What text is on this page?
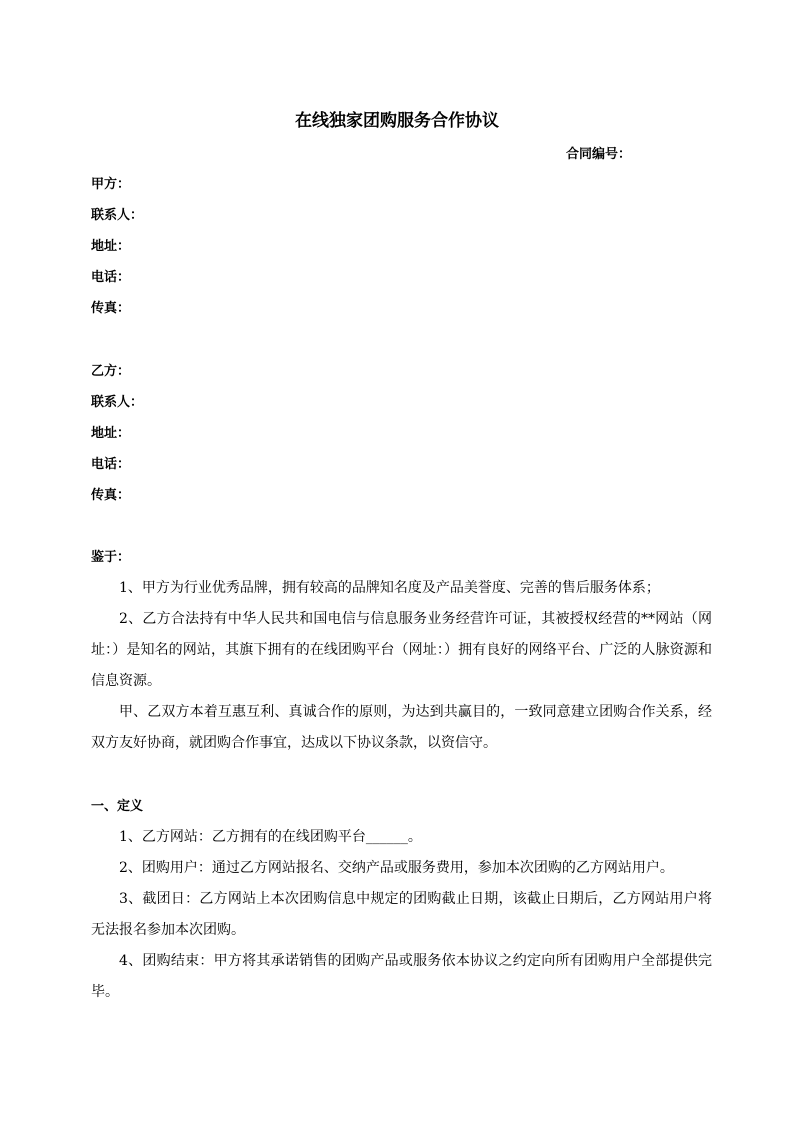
在线独家团购服务合作协议
合同编号：
甲方：
联系人：
地址：
电话：
传真：
乙方：
联系人：
地址：
电话：
传真：
鉴于：
1、甲方为行业优秀品牌，拥有较高的品牌知名度及产品美誉度、完善的售后服务体系；
2、乙方合法持有中华人民共和国电信与信息服务业务经营许可证，其被授权经营的**网站（网址：）是知名的网站，其旗下拥有的在线团购平台（网址：）拥有良好的网络平台、广泛的人脉资源和信息资源。
甲、乙双方本着互惠互利、真诚合作的原则，为达到共赢目的，一致同意建立团购合作关系，经双方友好协商，就团购合作事宜，达成以下协议条款，以资信守。
一、定义
1、乙方网站：乙方拥有的在线团购平台______。
2、团购用户：通过乙方网站报名、交纳产品或服务费用，参加本次团购的乙方网站用户。
3、截团日：乙方网站上本次团购信息中规定的团购截止日期，该截止日期后，乙方网站用户将无法报名参加本次团购。
4、团购结束：甲方将其承诺销售的团购产品或服务依本协议之约定向所有团购用户全部提供完毕。
